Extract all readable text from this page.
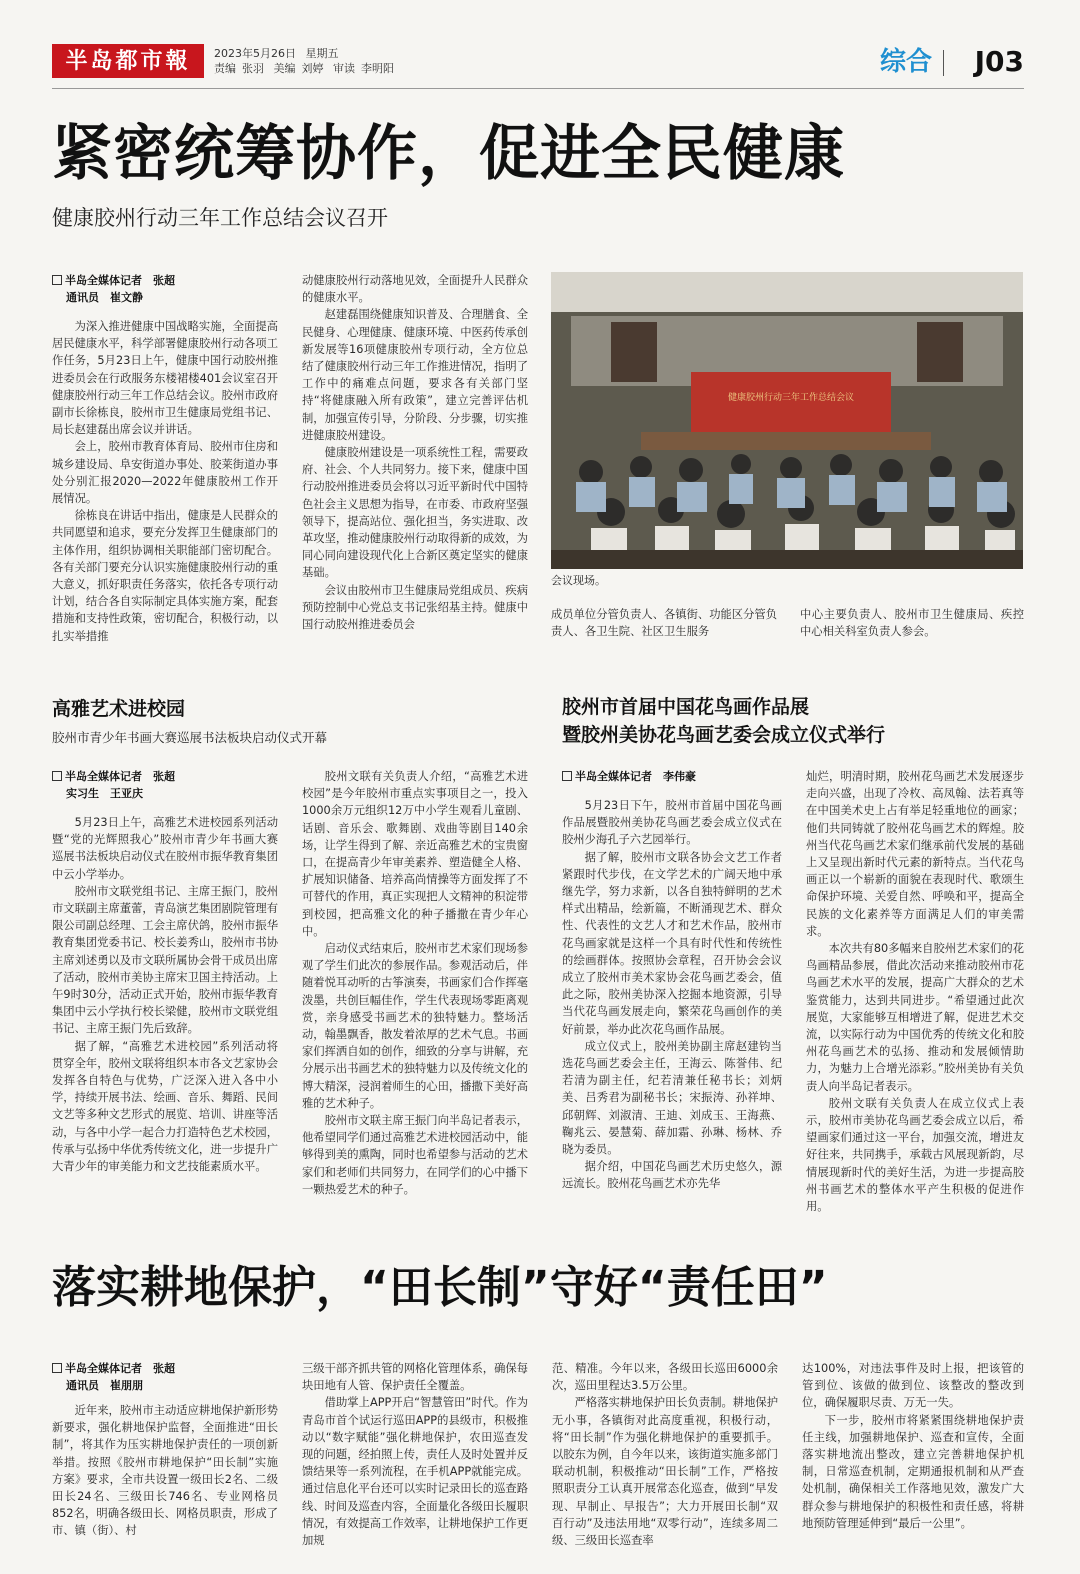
半岛都市報	2023年5月26日 星期五
责编 张羽 美编 刘婷 审读 李明阳	综合 J03
紧密统筹协作，促进全民健康
健康胶州行动三年工作总结会议召开
半岛全媒体记者　张超
通讯员　崔文静

为深入推进健康中国战略实施，全面提高居民健康水平，科学部署健康胶州行动各项工作任务，5月23日上午，健康中国行动胶州推进委员会在行政服务东楼裙楼401会议室召开健康胶州行动三年工作总结会议。胶州市政府副市长徐栋良，胶州市卫生健康局党组书记、局长赵建磊出席会议并讲话。

会上，胶州市教育体育局、胶州市住房和城乡建设局、阜安街道办事处、胶莱街道办事处分别汇报2020—2022年健康胶州工作开展情况。

徐栋良在讲话中指出，健康是人民群众的共同愿望和追求，要充分发挥卫生健康部门的主体作用，组织协调相关职能部门密切配合。各有关部门要充分认识实施健康胶州行动的重大意义，抓好职责任务落实，依托各专项行动计划，结合各自实际制定具体实施方案，配套措施和支持性政策，密切配合，积极行动，以扎实举措推

动健康胶州行动落地见效，全面提升人民群众的健康水平。

赵建磊围绕健康知识普及、合理膳食、全民健身、心理健康、健康环境、中医药传承创新发展等16项健康胶州专项行动，全方位总结了健康胶州行动三年工作推进情况，指明了工作中的痛难点问题，要求各有关部门坚持“将健康融入所有政策”，建立完善评估机制，加强宣传引导，分阶段、分步骤，切实推进健康胶州建设。

健康胶州建设是一项系统性工程，需要政府、社会、个人共同努力。接下来，健康中国行动胶州推进委员会将以习近平新时代中国特色社会主义思想为指导，在市委、市政府坚强领导下，提高站位、强化担当，务实进取、改革攻坚，推动健康胶州行动取得新的成效，为同心同向建设现代化上合新区奠定坚实的健康基础。

会议由胶州市卫生健康局党组成员、疾病预防控制中心党总支书记张绍基主持。健康中国行动胶州推进委员会

健康胶州行动三年工作总结会议
会议现场。

成员单位分管负责人、各镇街、功能区分管负责人、各卫生院、社区卫生服务

中心主要负责人、胶州市卫生健康局、疾控中心相关科室负责人参会。

高雅艺术进校园
胶州市青少年书画大赛巡展书法板块启动仪式开幕
半岛全媒体记者　张超
实习生　王亚庆

5月23日上午，高雅艺术进校园系列活动暨“党的光辉照我心”胶州市青少年书画大赛巡展书法板块启动仪式在胶州市振华教育集团中云小学举办。

胶州市文联党组书记、主席王振门，胶州市文联副主席董蕾，青岛演艺集团剧院管理有限公司副总经理、工会主席伏鸽，胶州市振华教育集团党委书记、校长姜秀山，胶州市书协主席刘述勇以及市文联所属协会骨干成员出席了活动，胶州市美协主席宋卫国主持活动。上午9时30分，活动正式开始，胶州市振华教育集团中云小学执行校长梁健，胶州市文联党组书记、主席王振门先后致辞。

据了解，“高雅艺术进校园”系列活动将贯穿全年，胶州文联将组织本市各文艺家协会发挥各自特色与优势，广泛深入进入各中小学，持续开展书法、绘画、音乐、舞蹈、民间文艺等多种文艺形式的展览、培训、讲座等活动，与各中小学一起合力打造特色艺术校园，传承与弘扬中华优秀传统文化，进一步提升广大青少年的审美能力和文艺技能素质水平。

胶州文联有关负责人介绍，“高雅艺术进校园”是今年胶州市重点实事项目之一，投入1000余万元组织12万中小学生观看儿童剧、话剧、音乐会、歌舞剧、戏曲等剧目140余场，让学生得到了解、亲近高雅艺术的宝贵窗口，在提高青少年审美素养、塑造健全人格、扩展知识储备、培养高尚情操等方面发挥了不可替代的作用，真正实现把人文精神的积淀带到校园，把高雅文化的种子播撒在青少年心中。

启动仪式结束后，胶州市艺术家们现场参观了学生们此次的参展作品。参观活动后，伴随着悦耳动听的古筝演奏，书画家们合作挥毫泼墨，共创巨幅佳作，学生代表现场零距离观赏，亲身感受书画艺术的独特魅力。整场活动，翰墨飘香，散发着浓厚的艺术气息。书画家们挥洒自如的创作，细致的分享与讲解，充分展示出书画艺术的独特魅力以及传统文化的博大精深，浸润着师生的心田，播撒下美好高雅的艺术种子。

胶州市文联主席王振门向半岛记者表示，他希望同学们通过高雅艺术进校园活动中，能够得到美的熏陶，同时也希望参与活动的艺术家们和老师们共同努力，在同学们的心中播下一颗热爱艺术的种子。

胶州市首届中国花鸟画作品展
暨胶州美协花鸟画艺委会成立仪式举行
半岛全媒体记者　李伟豪

5月23日下午，胶州市首届中国花鸟画作品展暨胶州美协花鸟画艺委会成立仪式在胶州少海孔子六艺园举行。

据了解，胶州市文联各协会文艺工作者紧跟时代步伐，在文学艺术的广阔天地中承继先学，努力求新，以各自独特鲜明的艺术样式出精品，绘新篇，不断涌现艺术、群众性、代表性的文艺人才和艺术作品，胶州市花鸟画家就是这样一个具有时代性和传统性的绘画群体。按照协会章程，召开协会会议成立了胶州市美术家协会花鸟画艺委会，值此之际，胶州美协深入挖掘本地资源，引导当代花鸟画发展走向，繁荣花鸟画创作的美好前景，举办此次花鸟画作品展。

成立仪式上，胶州美协副主席赵建钧当选花鸟画艺委会主任，王海云、陈誉伟、纪若清为副主任，纪若清兼任秘书长；刘炳美、吕秀君为副秘书长；宋振涛、孙祥坤、邱朝辉、刘淑清、王迪、刘成玉、王海燕、鞠兆云、晏慧菊、薛加霜、孙琳、杨林、乔晓为委员。

据介绍，中国花鸟画艺术历史悠久，源远流长。胶州花鸟画艺术亦先华

灿烂，明清时期，胶州花鸟画艺术发展逐步走向兴盛，出现了冷枚、高凤翰、法若真等在中国美术史上占有举足轻重地位的画家；他们共同铸就了胶州花鸟画艺术的辉煌。胶州当代花鸟画艺术家们继承前代发展的基础上又呈现出新时代元素的新特点。当代花鸟画正以一个崭新的面貌在表现时代、歌颂生命保护环境、关爱自然、呼唤和平，提高全民族的文化素养等方面满足人们的审美需求。

本次共有80多幅来自胶州艺术家们的花鸟画精品参展，借此次活动来推动胶州市花鸟画艺术水平的发展，提高广大群众的艺术鉴赏能力，达到共同进步。“希望通过此次展览，大家能够互相增进了解，促进艺术交流，以实际行动为中国优秀的传统文化和胶州花鸟画艺术的弘扬、推动和发展倾情助力，为魅力上合增光添彩。”胶州美协有关负责人向半岛记者表示。

胶州文联有关负责人在成立仪式上表示，胶州市美协花鸟画艺委会成立以后，希望画家们通过这一平台，加强交流，增进友好往来，共同携手，承载古风展现新韵，尽情展现新时代的美好生活，为进一步提高胶州书画艺术的整体水平产生积极的促进作用。

落实耕地保护，“田长制”守好“责任田”
半岛全媒体记者　张超
通讯员　崔朋朋

近年来，胶州市主动适应耕地保护新形势新要求，强化耕地保护监督，全面推进“田长制”，将其作为压实耕地保护责任的一项创新举措。按照《胶州市耕地保护“田长制”实施方案》要求，全市共设置一级田长2名、二级田长24名、三级田长746名、专业网格员852名，明确各级田长、网格员职责，形成了市、镇（街）、村

三级干部齐抓共管的网格化管理体系，确保每块田地有人管、保护责任全覆盖。

借助掌上APP开启“智慧管田”时代。作为青岛市首个试运行巡田APP的县级市，积极推动以“数字赋能”强化耕地保护，农田巡查发现的问题，经拍照上传，责任人及时处置并反馈结果等一系列流程，在手机APP就能完成。通过信息化平台还可以实时记录田长的巡查路线、时间及巡查内容，全面量化各级田长履职情况，有效提高工作效率，让耕地保护工作更加规

范、精准。今年以来，各级田长巡田6000余次，巡田里程达3.5万公里。

严格落实耕地保护田长负责制。耕地保护无小事，各镇街对此高度重视，积极行动，将“田长制”作为强化耕地保护的重要抓手。以胶东为例，自今年以来，该街道实施多部门联动机制，积极推动“田长制”工作，严格按照职责分工认真开展常态化巡查，做到“早发现、早制止、早报告”；大力开展田长制“双百行动”及违法用地“双零行动”，连续多周二级、三级田长巡查率

达100%，对违法事件及时上报，把该管的管到位、该做的做到位、该整改的整改到位，确保履职尽责、万无一失。

下一步，胶州市将紧紧围绕耕地保护责任主线，加强耕地保护、巡查和宣传，全面落实耕地流出整改，建立完善耕地保护机制，日常巡查机制，定期通报机制和从严查处机制，确保相关工作落地见效，激发广大群众参与耕地保护的积极性和责任感，将耕地预防管理延伸到“最后一公里”。
